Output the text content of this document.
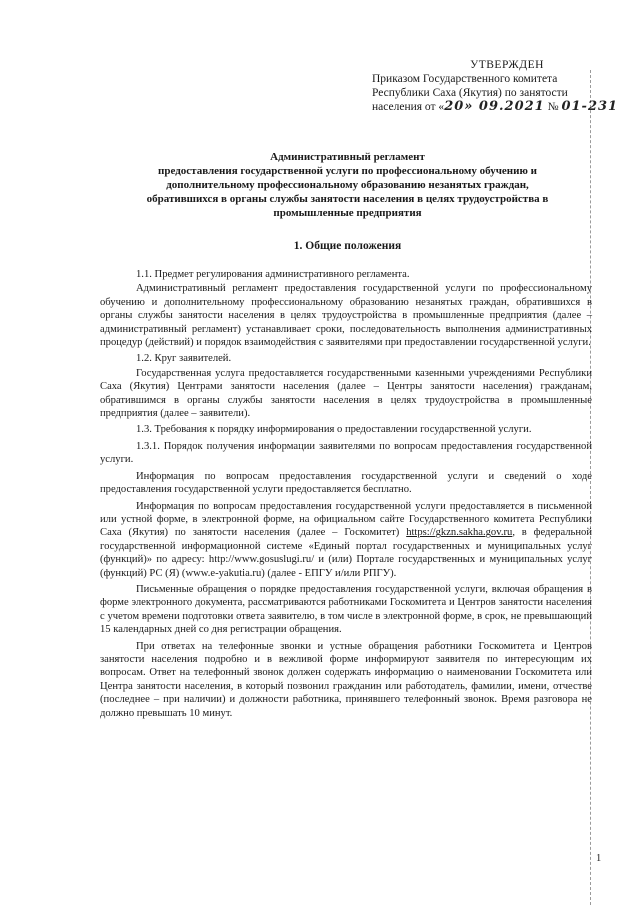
УТВЕРЖДЕН
Приказом Государственного комитета
Республики Саха (Якутия) по занятости
населения от «20» 09.2021 № 01-231
Административный регламент
предоставления государственной услуги по профессиональному обучению и
дополнительному профессиональному образованию незанятых граждан,
обратившихся в органы службы занятости населения в целях трудоустройства в
промышленные предприятия
1. Общие положения

1.1. Предмет регулирования административного регламента.

Административный регламент предоставления государственной услуги по профессиональному обучению и дополнительному профессиональному образованию незанятых граждан, обратившихся в органы службы занятости населения в целях трудоустройства в промышленные предприятия (далее – административный регламент) устанавливает сроки, последовательность выполнения административных процедур (действий) и порядок взаимодействия с заявителями при предоставлении государственной услуги.

1.2. Круг заявителей.

Государственная услуга предоставляется государственными казенными учреждениями Республики Саха (Якутия) Центрами занятости населения (далее – Центры занятости населения) гражданам, обратившимся в органы службы занятости населения в целях трудоустройства в промышленные предприятия (далее – заявители).

1.3. Требования к порядку информирования о предоставлении государственной услуги.

1.3.1. Порядок получения информации заявителями по вопросам предоставления государственной услуги.

Информация по вопросам предоставления государственной услуги и сведений о ходе предоставления государственной услуги предоставляется бесплатно.

Информация по вопросам предоставления государственной услуги предоставляется в письменной или устной форме, в электронной форме, на официальном сайте Государственного комитета Республики Саха (Якутия) по занятости населения (далее – Госкомитет) https://gkzn.sakha.gov.ru, в федеральной государственной информационной системе «Единый портал государственных и муниципальных услуг (функций)» по адресу: http://www.gosuslugi.ru/ и (или) Портале государственных и муниципальных услуг (функций) РС (Я) (www.e-yakutia.ru) (далее - ЕПГУ и/или РПГУ).

Письменные обращения о порядке предоставления государственной услуги, включая обращения в форме электронного документа, рассматриваются работниками Госкомитета и Центров занятости населения с учетом времени подготовки ответа заявителю, в том числе в электронной форме, в срок, не превышающий 15 календарных дней со дня регистрации обращения.

При ответах на телефонные звонки и устные обращения работники Госкомитета и Центров занятости населения подробно и в вежливой форме информируют заявителя по интересующим их вопросам. Ответ на телефонный звонок должен содержать информацию о наименовании Госкомитета или Центра занятости населения, в который позвонил гражданин или работодатель, фамилии, имени, отчестве (последнее – при наличии) и должности работника, принявшего телефонный звонок. Время разговора не должно превышать 10 минут.

1
